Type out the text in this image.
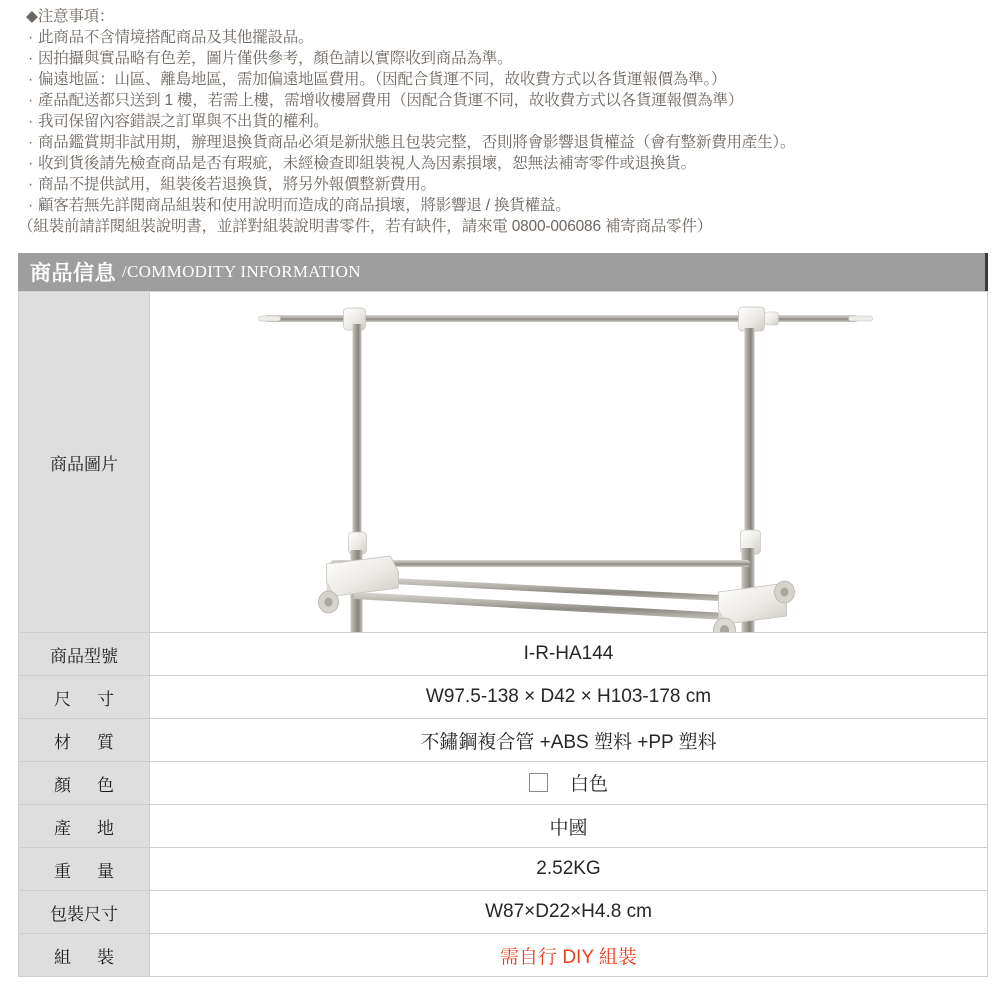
◆注意事項：
· 此商品不含情境搭配商品及其他擺設品。
· 因拍攝與實品略有色差，圖片僅供參考，顏色請以實際收到商品為準。
· 偏遠地區：山區、離島地區，需加偏遠地區費用。（因配合貨運不同，故收費方式以各貨運報價為準。）
· 產品配送都只送到 1 樓，若需上樓，需增收樓層費用（因配合貨運不同，故收費方式以各貨運報價為準）
· 我司保留內容錯誤之訂單與不出貨的權利。
· 商品鑑賞期非試用期，辦理退換貨商品必須是新狀態且包裝完整，否則將會影響退貨權益（會有整新費用產生）。
· 收到貨後請先檢查商品是否有瑕疵，未經檢查即組裝視人為因素損壞，恕無法補寄零件或退換貨。
· 商品不提供試用，組裝後若退換貨，將另外報價整新費用。
· 顧客若無先詳閱商品組裝和使用說明而造成的商品損壞，將影響退 / 換貨權益。
（組裝前請詳閱組裝說明書，並詳對組裝說明書零件，若有缺件，請來電 0800-006086 補寄商品零件）
商品信息 /COMMODITY INFORMATION
商品圖片	

商品型號	I-R-HA144
尺寸	W97.5-138 × D42 × H103-178 cm
材質	不鏽鋼複合管 +ABS 塑料 +PP 塑料
顏色	白色

產地	中國
重量	2.52KG
包裝尺寸	W87×D22×H4.8 cm
組裝	需自行 DIY 組裝
